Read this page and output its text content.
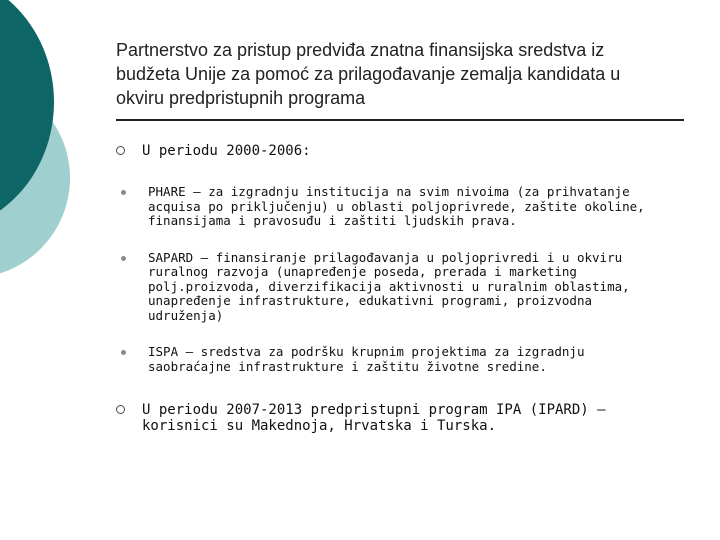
Partnerstvo za pristup predviđa znatna finansijska sredstva iz
budžeta Unije za pomoć za prilagođavanje zemalja kandidata u
okviru predpristupnih programa
U periodu 2000-2006:
PHARE – za izgradnju institucija na svim nivoima (za prihvatanje
acquisa po priključenju) u oblasti poljoprivrede, zaštite okoline,
finansijama i pravosuđu i zaštiti ljudskih prava.
SAPARD – finansiranje prilagođavanja u poljoprivredi i u okviru
ruralnog razvoja (unapređenje poseda, prerada i marketing
polj.proizvoda, diverzifikacija aktivnosti u ruralnim oblastima,
unapređenje infrastrukture, edukativni programi, proizvodna
udruženja)
ISPA – sredstva za podršku krupnim projektima za izgradnju
saobraćajne infrastrukture i zaštitu životne sredine.
U periodu 2007-2013 predpristupni program IPA (IPARD) –
korisnici su Makednoja, Hrvatska i Turska.
